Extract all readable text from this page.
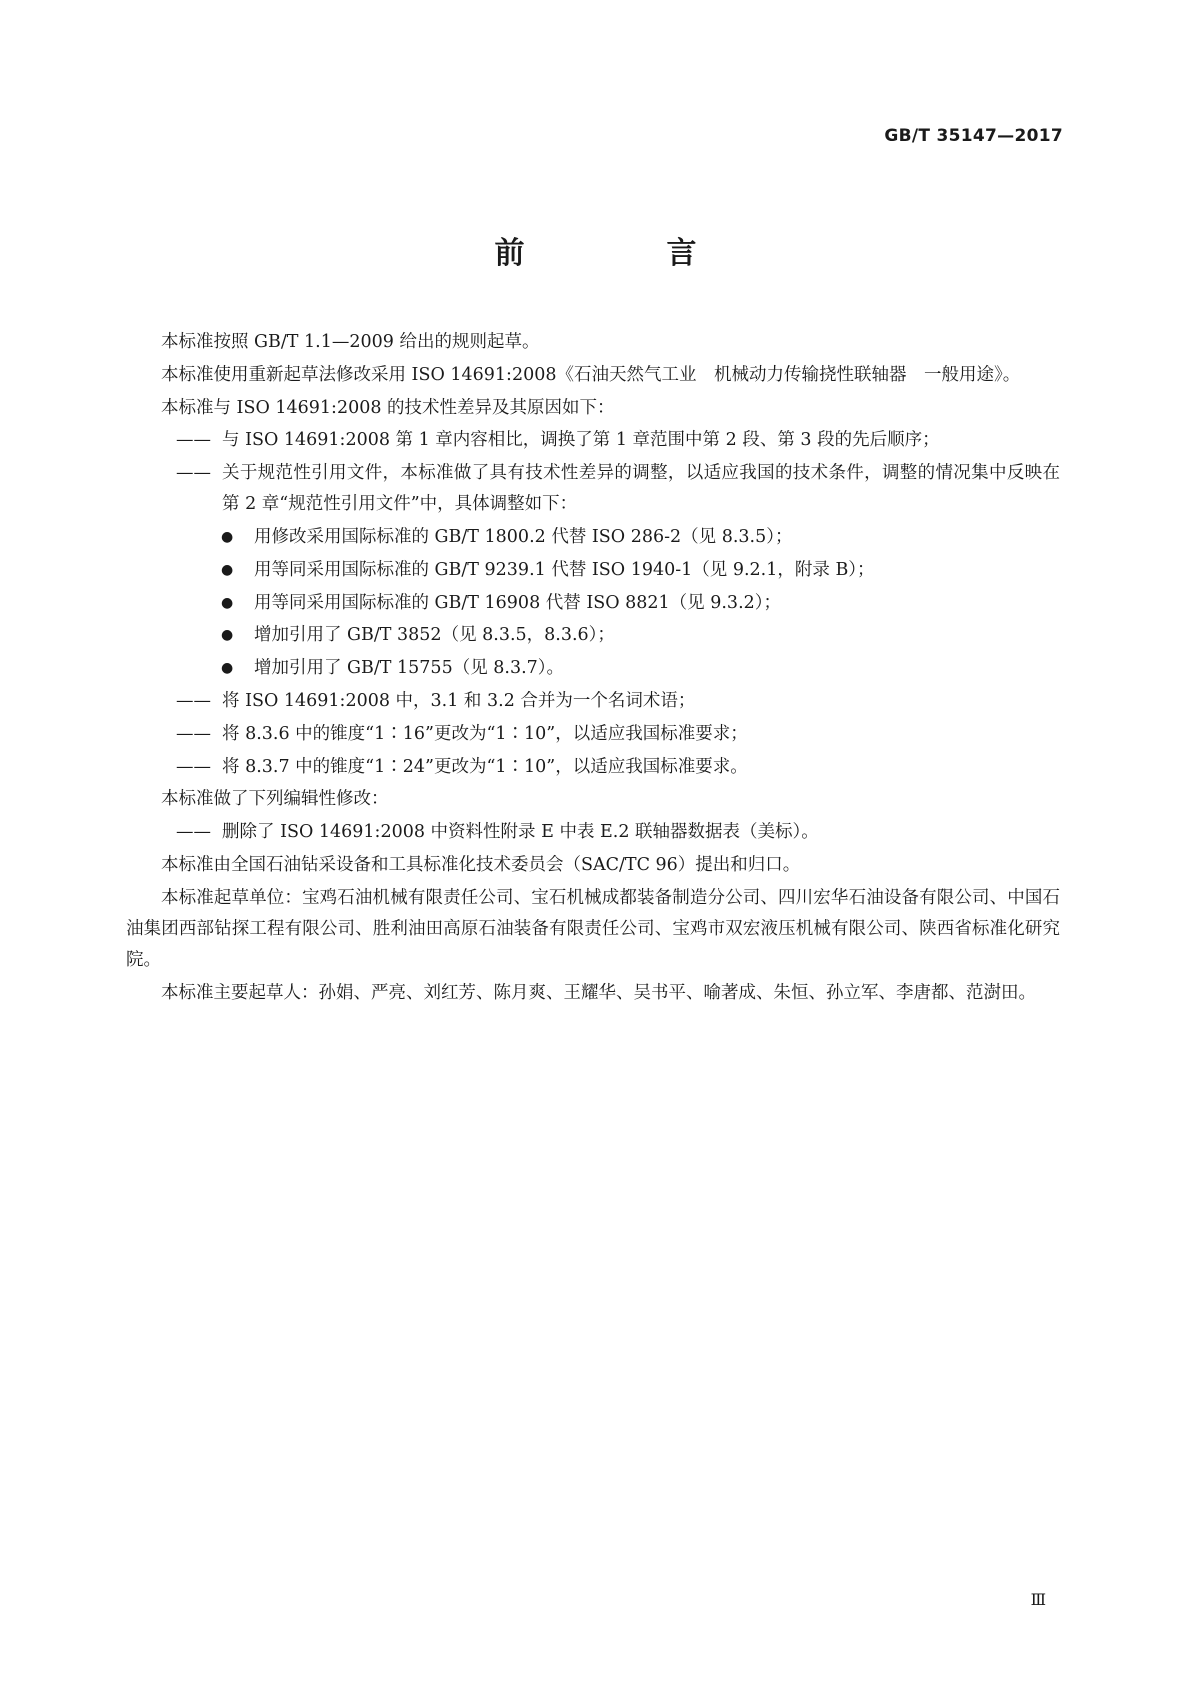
GB/T 35147—2017
前　言
本标准按照 GB/T 1.1—2009 给出的规则起草。
本标准使用重新起草法修改采用 ISO 14691:2008《石油天然气工业　机械动力传输挠性联轴器　一般用途》。
本标准与 ISO 14691:2008 的技术性差异及其原因如下：
—— 与 ISO 14691:2008 第 1 章内容相比，调换了第 1 章范围中第 2 段、第 3 段的先后顺序；
—— 关于规范性引用文件，本标准做了具有技术性差异的调整，以适应我国的技术条件，调整的情况集中反映在第 2 章“规范性引用文件”中，具体调整如下：
● 用修改采用国际标准的 GB/T 1800.2 代替 ISO 286-2（见 8.3.5）；
● 用等同采用国际标准的 GB/T 9239.1 代替 ISO 1940-1（见 9.2.1，附录 B）；
● 用等同采用国际标准的 GB/T 16908 代替 ISO 8821（见 9.3.2）；
● 增加引用了 GB/T 3852（见 8.3.5，8.3.6）；
● 增加引用了 GB/T 15755（见 8.3.7）。
—— 将 ISO 14691:2008 中，3.1 和 3.2 合并为一个名词术语；
—— 将 8.3.6 中的锥度“1∶16”更改为“1∶10”，以适应我国标准要求；
—— 将 8.3.7 中的锥度“1∶24”更改为“1∶10”，以适应我国标准要求。
本标准做了下列编辑性修改：
—— 删除了 ISO 14691:2008 中资料性附录 E 中表 E.2 联轴器数据表（美标）。
本标准由全国石油钻采设备和工具标准化技术委员会（SAC/TC 96）提出和归口。
本标准起草单位：宝鸡石油机械有限责任公司、宝石机械成都装备制造分公司、四川宏华石油设备有限公司、中国石油集团西部钻探工程有限公司、胜利油田高原石油装备有限责任公司、宝鸡市双宏液压机械有限公司、陕西省标准化研究院。
本标准主要起草人：孙娟、严亮、刘红芳、陈月爽、王耀华、吴书平、喻著成、朱恒、孙立军、李唐都、范澍田。
Ⅲ
